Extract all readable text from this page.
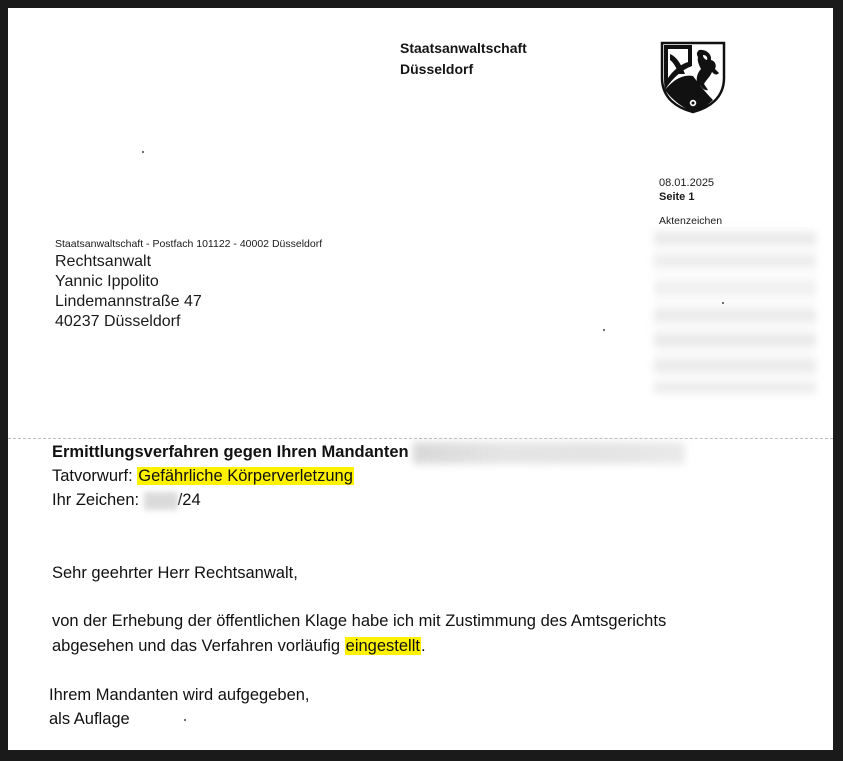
Staatsanwaltschaft
Düsseldorf
08.01.2025
Seite 1
Aktenzeichen
Staatsanwaltschaft - Postfach 101122 - 40002 Düsseldorf
Rechtsanwalt
Yannic Ippolito
Lindemannstraße 47
40237 Düsseldorf
Ermittlungsverfahren gegen Ihren Mandanten
Tatvorwurf: Gefährliche Körperverletzung
Ihr Zeichen: /24
Sehr geehrter Herr Rechtsanwalt,
von der Erhebung der öffentlichen Klage habe ich mit Zustimmung des Amtsgerichts
abgesehen und das Verfahren vorläufig eingestellt.
Ihrem Mandanten wird aufgegeben,
als Auflage
